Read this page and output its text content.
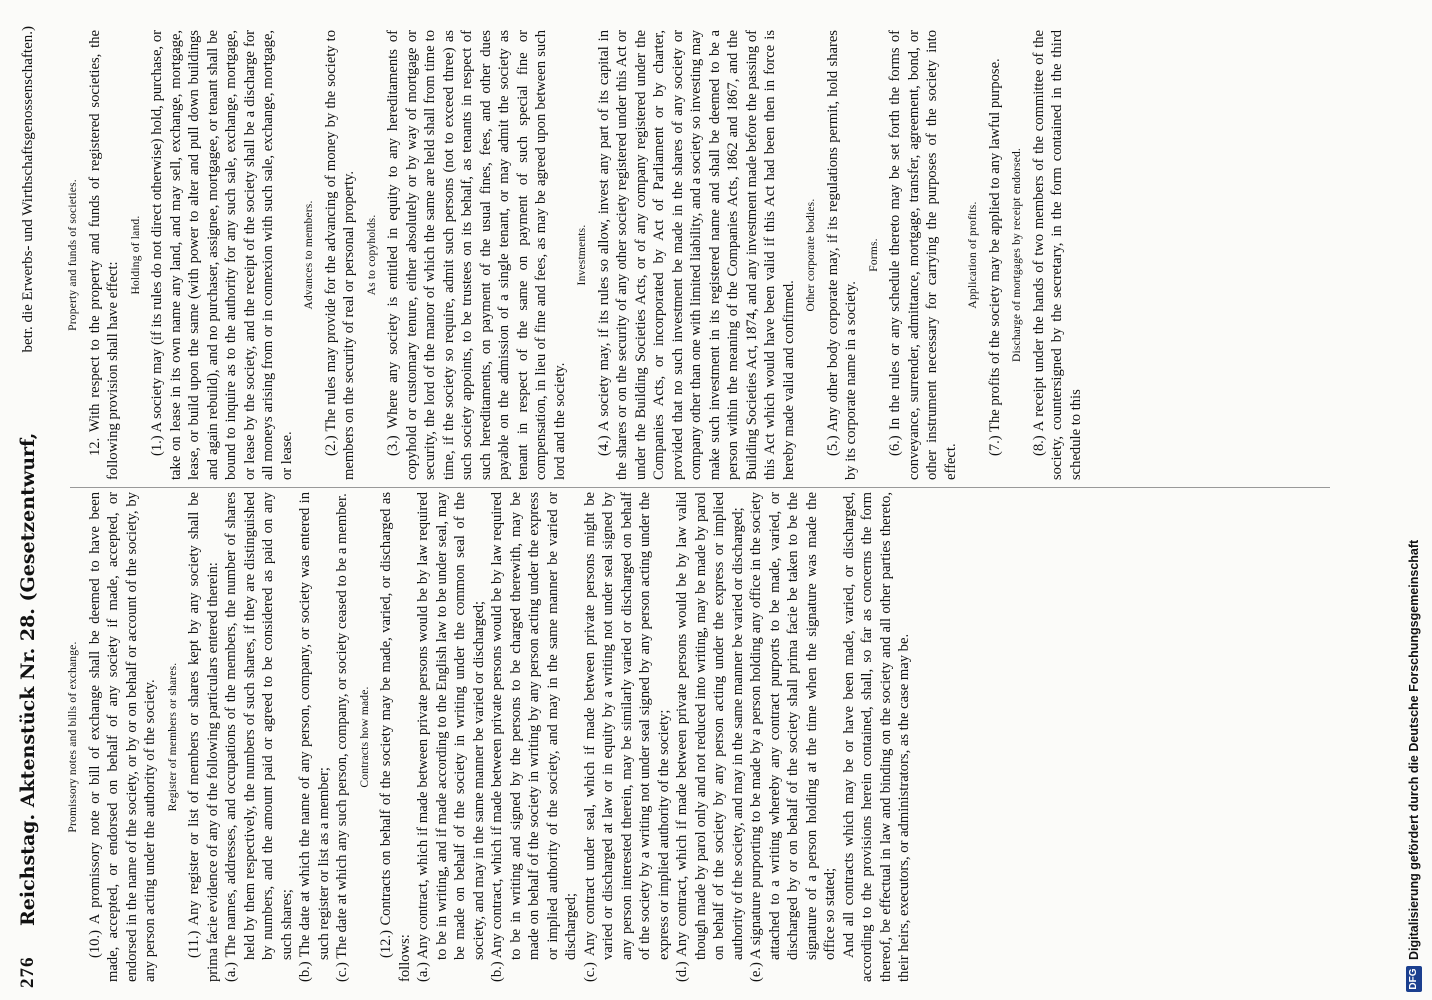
276
Reichstag. Aktenstück Nr. 28. (Gesetzentwurf,
betr. die Erwerbs- und Wirthschaftsgenossenschaften.)
Promissory notes and bills of exchange. (10.) A promissory note or bill of exchange shall be deemed to have been made, accepted, or endorsed on behalf of any society if made, accepted, or endorsed in the name of the society, or by or on behalf or account of the society, by any person acting under the authority of the society. Register of members or shares. (11.) Any register or list of members or shares kept by any society shall be prima facie evidence of any of the following particulars entered therein: (a.) The names, addresses, and occupations of the members, the number of shares held by them respectively, the numbers of such shares, if they are distinguished by numbers, and the amount paid or agreed to be considered as paid on any such shares; (b.) The date at which the name of any person, company, or society was entered in such register or list as a member; (c.) The date at which any such person, company, or society ceased to be a member. Contracts how made. (12.) Contracts on behalf of the society may be made, varied, or discharged as follows: (a.) Any contract, which if made between private persons would be by law required to be in writing, and if made according to the English law to be under seal, may be made on behalf of the society in writing under the common seal of the society, and may in the same manner be varied or discharged; (b.) Any contract, which if made between private persons would be by law required to be in writing and signed by the persons to be charged therewith, may be made on behalf of the society in writing by any person acting under the express or implied authority of the society, and may in the same manner be varied or discharged; (c.) Any contract under seal, which if made between private persons might be varied or discharged at law or in equity by a writing not under seal signed by any person interested therein, may be similarly varied or discharged on behalf of the society by a writing not under seal signed by any person acting under the express or implied authority of the society; (d.) Any contract, which if made between private persons would be by law valid though made by parol only and not reduced into writing, may be made by parol on behalf of the society by any person acting under the express or implied authority of the society, and may in the same manner be varied or discharged; (e.) A signature purporting to be made by a person holding any office in the society attached to a writing whereby any contract purports to be made, varied, or discharged by or on behalf of the society shall prima facie be taken to be the signature of a person holding at the time when the signature was made the office so stated; And all contracts which may be or have been made, varied, or discharged, according to the provisions herein contained, shall, so far as concerns the form thereof, be effectual in law and binding on the society and all other parties thereto, their heirs, executors, or administrators, as the case may be.

Property and funds of societies. 12. With respect to the property and funds of registered societies, the following provision shall have effect:

Holding of land. (1.) A society may (if its rules do not direct otherwise) hold, purchase, or take on lease in its own name any land, and may sell, exchange, mortgage, lease, or build upon the same (with power to alter and pull down buildings and again rebuild), and no purchaser, assignee, mortgagee, or tenant shall be bound to inquire as to the authority for any such sale, exchange, mortgage, or lease by the society, and the receipt of the society shall be a discharge for all moneys arising from or in connexion with such sale, exchange, mortgage, or lease.

Advances to members. (2.) The rules may provide for the advancing of money by the society to members on the security of real or personal property. As to copyholds. (3.) Where any society is entitled in equity to any hereditaments of copyhold or customary tenure, either absolutely or by way of mortgage or security, the lord of the manor of which the same are held shall from time to time, if the society so require, admit such persons (not to exceed three) as such society appoints, to be trustees on its behalf, as tenants in respect of such hereditaments, on payment of the usual fines, fees, and other dues payable on the admission of a single tenant, or may admit the society as tenant in respect of the same on payment of such special fine or compensation, in lieu of fine and fees, as may be agreed upon between such lord and the society.

Investments. (4.) A society may, if its rules so allow, invest any part of its capital in the shares or on the security of any other society registered under this Act or under the Building Societies Acts, or of any company registered under the Companies Acts, or incorporated by Act of Parliament or by charter, provided that no such investment be made in the shares of any society or company other than one with limited liability, and a society so investing may make such investment in its registered name and shall be deemed to be a person within the meaning of the Companies Acts, 1862 and 1867, and the Building Societies Act, 1874, and any investment made before the passing of this Act which would have been valid if this Act had been then in force is hereby made valid and confirmed.

Other corporate bodies. (5.) Any other body corporate may, if its regulations permit, hold shares by its corporate name in a society.

Forms. (6.) In the rules or any schedule thereto may be set forth the forms of conveyance, surrender, admittance, mortgage, transfer, agreement, bond, or other instrument necessary for carrying the purposes of the society into effect.

Application of profits. (7.) The profits of the society may be applied to any lawful purpose. Discharge of mortgages by receipt endorsed. (8.) A receipt under the hands of two members of the committee of the society, countersigned by the secretary, in the form contained in the third schedule to this

DFG
Digitalisierung gefördert durch die Deutsche Forschungsgemeinschaft
